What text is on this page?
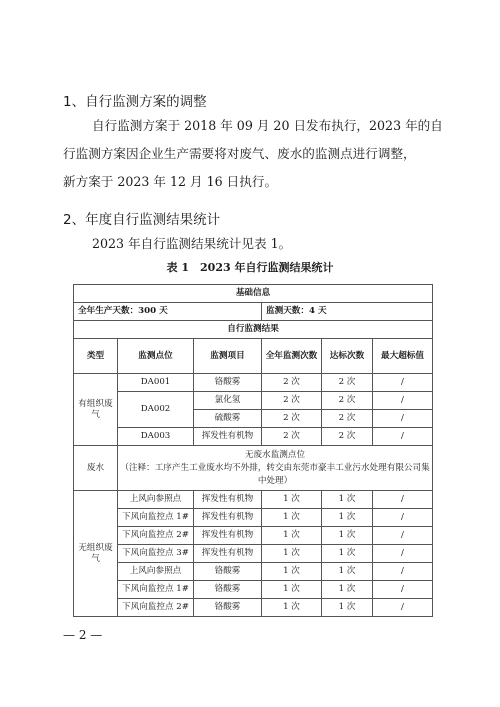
1、自行监测方案的调整
自行监测方案于 2018 年 09 月 20 日发布执行，2023 年的自
行监测方案因企业生产需要将对废气、废水的监测点进行调整，
新方案于 2023 年 12 月 16 日执行。
2、年度自行监测结果统计
2023 年自行监测结果统计见表 1。
表 1　2023 年自行监测结果统计
基础信息					
全年生产天数：300 天			监测天数：4 天		
自行监测结果					
类型	监测点位	监测项目	全年监测次数	达标次数	最大超标值
有组织废气	DA001	铬酸雾	2 次	2 次	/
	DA002	氯化氢	2 次	2 次	/
		硫酸雾	2 次	2 次	/
	DA003	挥发性有机物	2 次	2 次	/
废水	无废水监测点位
（注释：工序产生工业废水均不外排，转交由东莞市豪丰工业污水处理有限公司集中处理）				

无组织废气	上风向参照点	挥发性有机物	1 次	1 次	/
	下风向监控点 1#	挥发性有机物	1 次	1 次	/
	下风向监控点 2#	挥发性有机物	1 次	1 次	/
	下风向监控点 3#	挥发性有机物	1 次	1 次	/
	上风向参照点	铬酸雾	1 次	1 次	/
	下风向监控点 1#	铬酸雾	1 次	1 次	/
	下风向监控点 2#	铬酸雾	1 次	1 次	/
— 2 —
